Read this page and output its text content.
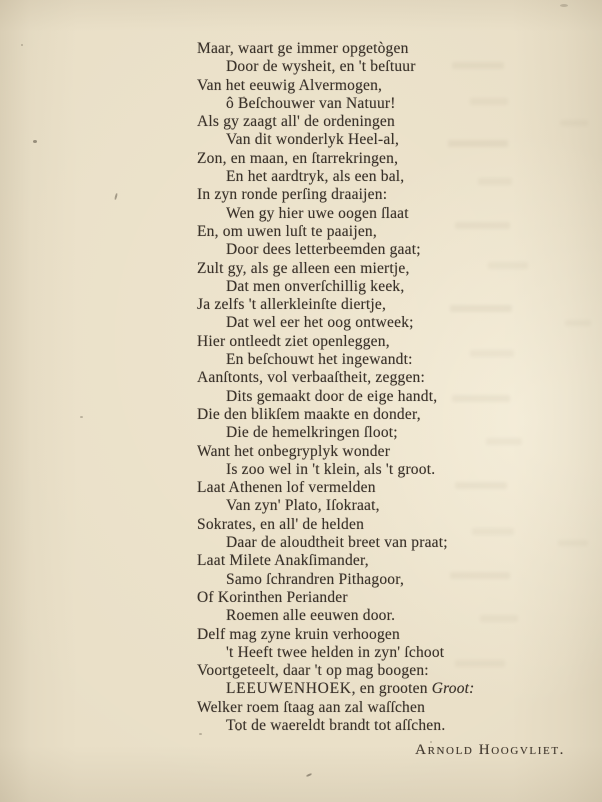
Maar, waart ge immer opgetògen
Door de wysheit, en 't beſtuur
Van het eeuwig Alvermogen,
ô Beſchouwer van Natuur!
Als gy zaagt all' de ordeningen
Van dit wonderlyk Heel-al,
Zon, en maan, en ſtarrekringen,
En het aardtryk, als een bal,
In zyn ronde perſing draaijen:
Wen gy hier uwe oogen ſlaat
En, om uwen luſt te paaijen,
Door dees letterbeemden gaat;
Zult gy, als ge alleen een miertje,
Dat men onverſchillig keek,
Ja zelfs 't allerkleinſte diertje,
Dat wel eer het oog ontweek;
Hier ontleedt ziet openleggen,
En beſchouwt het ingewandt:
Aanſtonts, vol verbaaſtheit, zeggen:
Dits gemaakt door de eige handt,
Die den blikſem maakte en donder,
Die de hemelkringen ſloot;
Want het onbegryplyk wonder
Is zoo wel in 't klein, als 't groot.
Laat Athenen lof vermelden
Van zyn' Plato, Iſokraat,
Sokrates, en all' de helden
Daar de aloudtheit breet van praat;
Laat Milete Anakſimander,
Samo ſchrandren Pithagoor,
Of Korinthen Periander
Roemen alle eeuwen door.
Delf mag zyne kruin verhoogen
't Heeft twee helden in zyn' ſchoot
Voortgeteelt, daar 't op mag boogen:
LEEUWENHOEK, en grooten Groot:
Welker roem ſtaag aan zal waſſchen
Tot de waereldt brandt tot aſſchen.
Arnold Hoogvliet.
